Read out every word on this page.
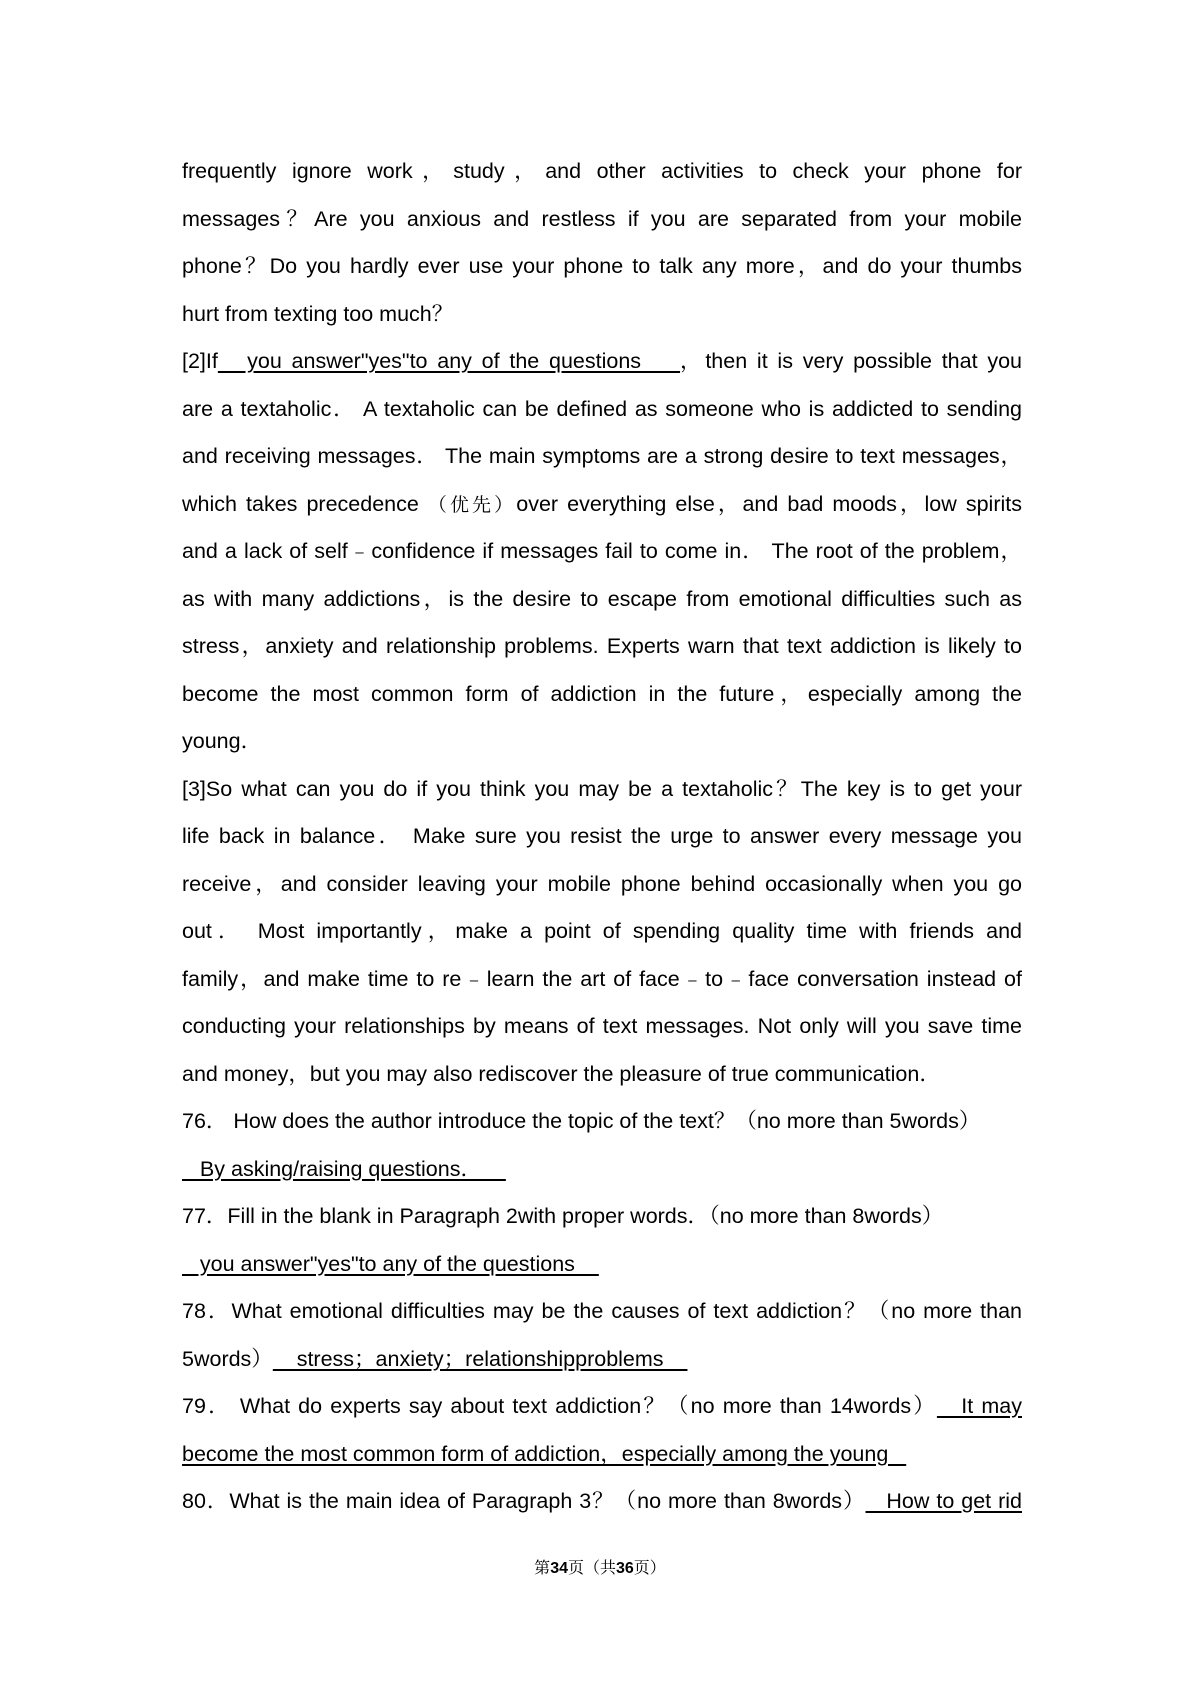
frequently ignore work，study，and other activities to check your phone for
messages？Are you anxious and restless if you are separated from your mobile
phone？Do you hardly ever use your phone to talk any more，and do your thumbs
hurt from texting too much？
[2]If   you answer"yes"to any of the questions    ，then it is very possible that you
are a textaholic． A textaholic can be defined as someone who is addicted to sending
and receiving messages． The main symptoms are a strong desire to text messages，
which takes precedence （优先）over everything else，and bad moods，low spirits
and a lack of self﹣confidence if messages fail to come in． The root of the problem，
as with many addictions，is the desire to escape from emotional difficulties such as
stress，anxiety and relationship problems. Experts warn that text addiction is likely to
become the most common form of addiction in the future，especially among the
young．
[3]So what can you do if you think you may be a textaholic？The key is to get your
life back in balance． Make sure you resist the urge to answer every message you
receive，and consider leaving your mobile phone behind occasionally when you go
out． Most importantly，make a point of spending quality time with friends and
family，and make time to re﹣learn the art of face﹣to﹣face conversation instead of
conducting your relationships by means of text messages. Not only will you save time
and money，but you may also rediscover the pleasure of true communication．
76． How does the author introduce the topic of the text？（no more than 5words）
By asking/raising questions．
77．Fill in the blank in Paragraph 2with proper words．（no more than 8words）
you answer"yes"to any of the questions
78．What emotional difficulties may be the causes of text addiction？（no more than
5words）    stress；anxiety；relationshipproblems
79． What do experts say about text addiction？（no more than 14words）   It may
become the most common form of addiction，especially among the young
80．What is the main idea of Paragraph 3？（no more than 8words）   How to get rid
第34页（共36页）
